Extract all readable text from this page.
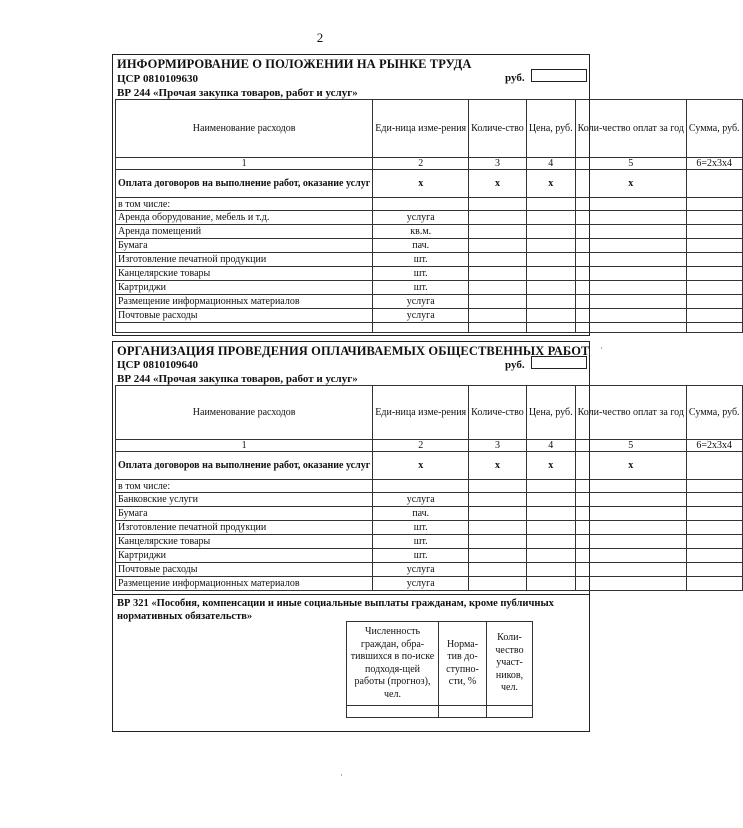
2
ИНФОРМИРОВАНИЕ О ПОЛОЖЕНИИ НА РЫНКЕ ТРУДА
ЦСР 0810109630	руб.
ВР 244 «Прочая закупка товаров, работ и услуг»
Наименование расходов	Еди-ница изме-рения	Количе-ство	Цена, руб.	Коли-чество оплат за год	Сумма, руб.
1	2	3	4	5	6=2х3х4
Оплата договоров на выполнение работ, оказание услуг	х	х	х	х	
в том числе:					
Аренда оборудование, мебель и т.д.	услуга				
Аренда помещений	кв.м.				
Бумага	пач.				
Изготовление печатной продукции	шт.				
Канцелярские товары	шт.				
Картриджи	шт.				
Размещение информационных материалов	услуга				
Почтовые расходы	услуга				

ОРГАНИЗАЦИЯ ПРОВЕДЕНИЯ ОПЛАЧИВАЕМЫХ ОБЩЕСТВЕННЫХ РАБОТ
ЦСР 0810109640	руб.
ВР 244 «Прочая закупка товаров, работ и услуг»
Наименование расходов	Еди-ница изме-рения	Количе-ство	Цена, руб.	Коли-чество оплат за год	Сумма, руб.
1	2	3	4	5	6=2х3х4
Оплата договоров на выполнение работ, оказание услуг	х	х	х	х	
в том числе:					
Банковские услуги	услуга				
Бумага	пач.				
Изготовление печатной продукции	шт.				
Канцелярские товары	шт.				
Картриджи	шт.				
Почтовые расходы	услуга				
Размещение информационных материалов	услуга				
ВР 321 «Пособия, компенсации и иные социальные выплаты гражданам, кроме публичных нормативных обязательств»
Численность граждан, обра-тившихся в по-иске подходя-щей работы (прогноз), чел.	Норма-тив до-ступно-сти, %	Коли-чество участ-ников, чел.

·
·
